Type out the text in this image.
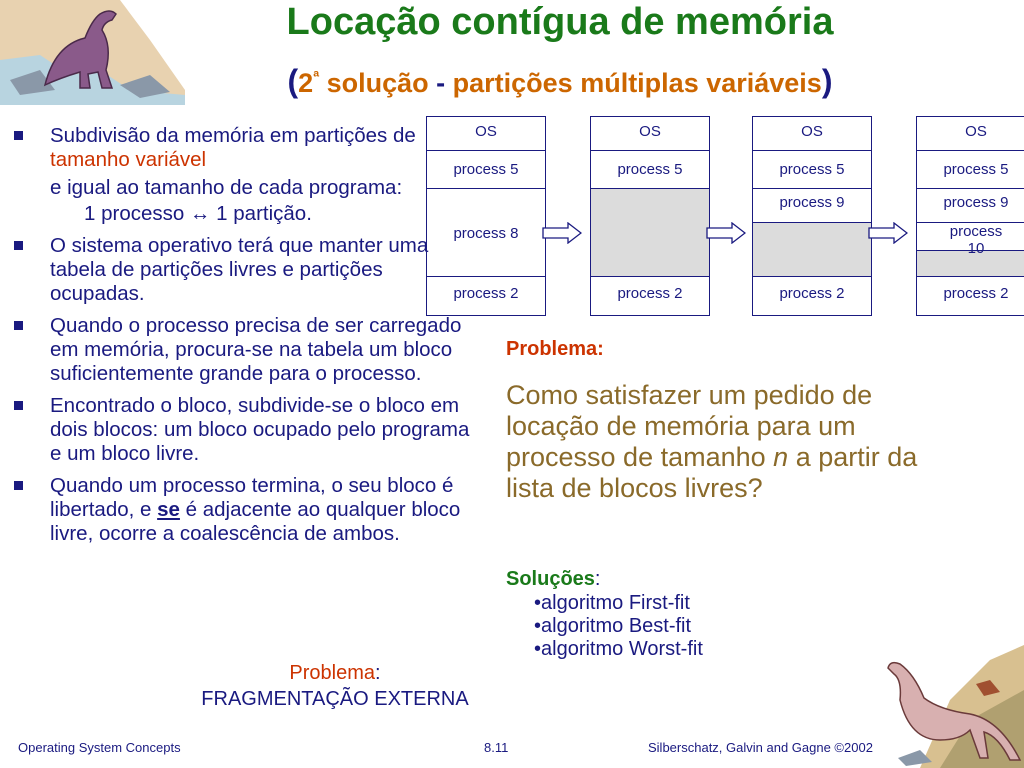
Locação contígua de memória
($2^ª$ solução - partições múltiplas variáveis)
Subdivisão da memória em partições de tamanho variável
e igual ao tamanho de cada programa:
1 processo ↔ 1 partição.
O sistema operativo terá que manter uma tabela de partições livres e partições ocupadas.
Quando o processo precisa de ser carregado em memória, procura-se na tabela um bloco suficientemente grande para o processo.
Encontrado o bloco, subdivide-se o bloco em dois blocos: um bloco ocupado pelo programa e um bloco livre.
Quando um processo termina, o seu bloco é libertado, e se é adjacente ao qualquer bloco livre, ocorre a coalescência de ambos.
Problema:
FRAGMENTAÇÃO EXTERNA
OS
process 5
process 8
process 2
OS
process 5
process 2
OS
process 5
process 9
process 2
OS
process 5
process 9
process
10
process 2
Problema:
Como satisfazer um pedido de locação de memória para um processo de tamanho n a partir da lista de blocos livres?
Soluções:
•algoritmo First-fit
•algoritmo Best-fit
•algoritmo Worst-fit
Operating System Concepts	8.11	Silberschatz, Galvin and Gagne ©2002
